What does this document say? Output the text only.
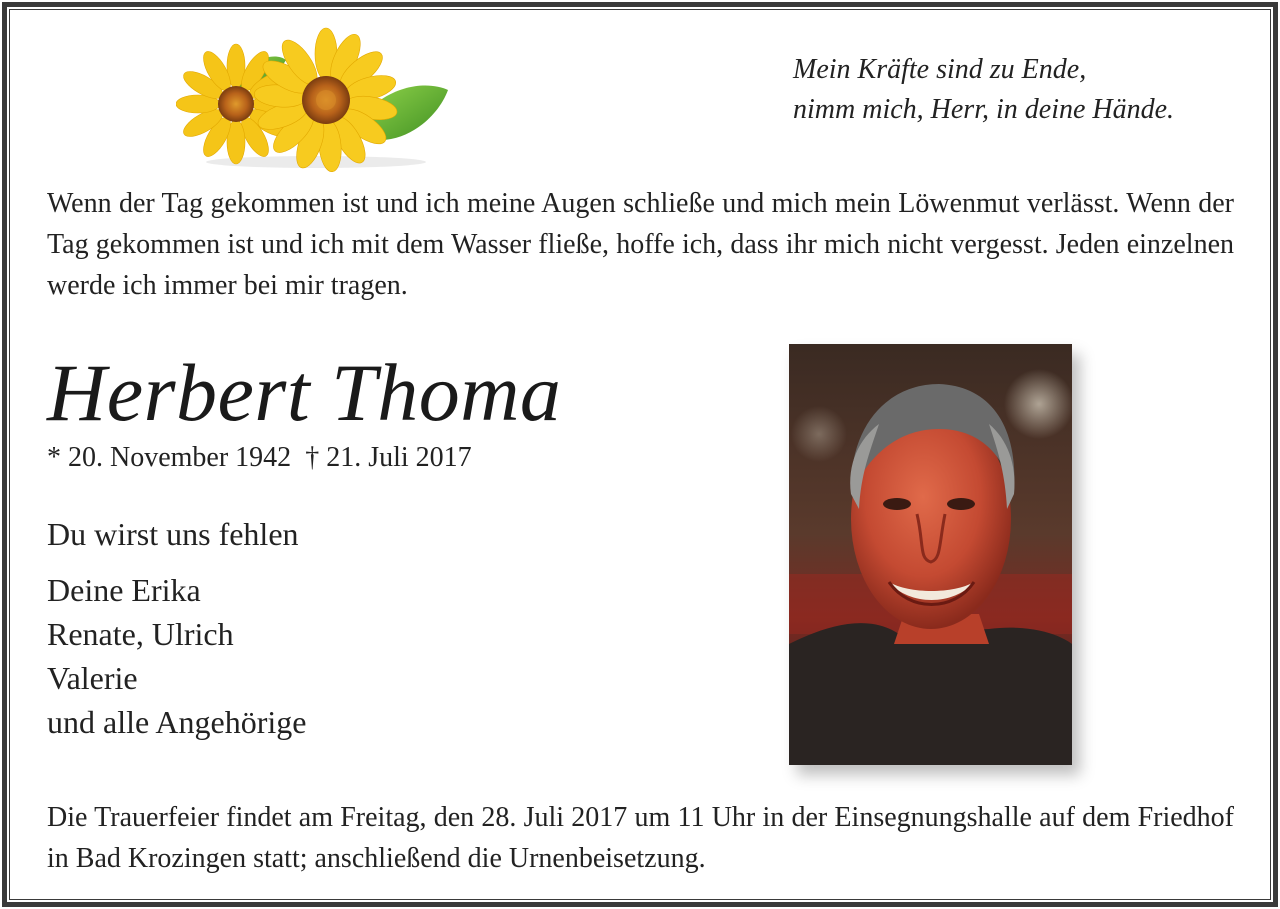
Mein Kräfte sind zu Ende,
nimm mich, Herr, in deine Hände.
Wenn der Tag gekommen ist und ich meine Augen schließe und mich mein Löwenmut verlässt. Wenn der Tag gekommen ist und ich mit dem Wasser fließe, hoffe ich, dass ihr mich nicht vergesst. Jeden einzelnen werde ich immer bei mir tragen.
Herbert Thoma
* 20. November 1942 † 21. Juli 2017
Du wirst uns fehlen
Deine Erika
Renate, Ulrich
Valerie
und alle Angehörige
Die Trauerfeier findet am Freitag, den 28. Juli 2017 um 11 Uhr in der Einsegnungshalle auf dem Friedhof in Bad Krozingen statt; anschließend die Urnenbeisetzung.
